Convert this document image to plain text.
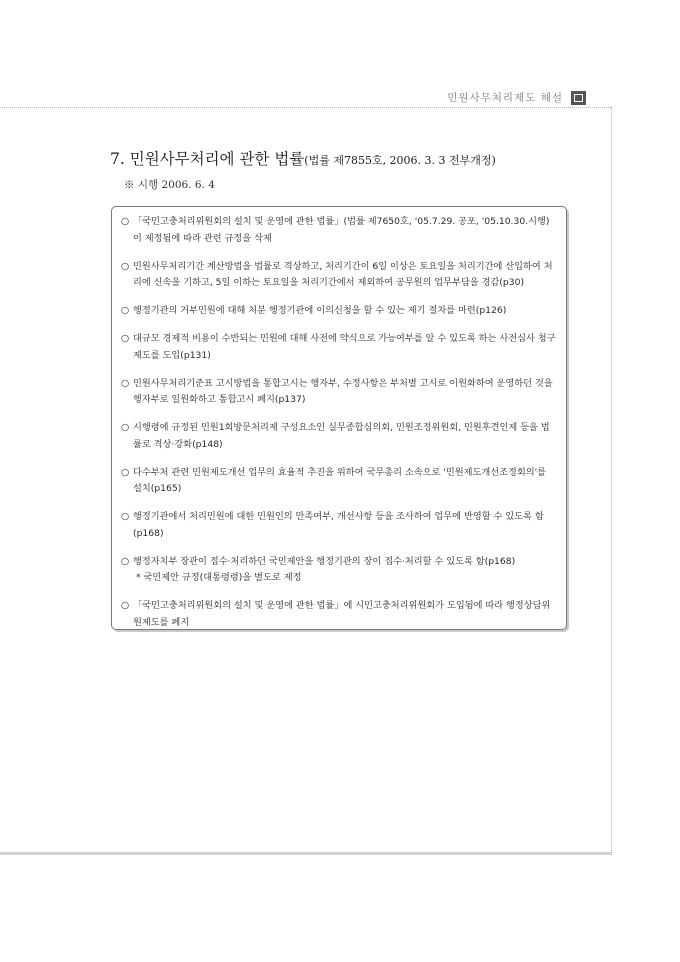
민원사무처리제도 해설
7. 민원사무처리에 관한 법률(법률 제7855호, 2006. 3. 3 전부개정)
※ 시행 2006. 6. 4
○ 「국민고충처리위원회의 설치 및 운영에 관한 법률」(법률 제7650호, '05.7.29. 공포, '05.10.30.시행)이 제정됨에 따라 관련 규정을 삭제
○ 민원사무처리기간 계산방법을 법률로 격상하고, 처리기간이 6일 이상은 토요일을 처리기간에 산입하여 처리에 신속을 기하고, 5일 이하는 토요일을 처리기간에서 제외하여 공무원의 업무부담을 경감(p30)
○ 행정기관의 거부민원에 대해 처분 행정기관에 이의신청을 할 수 있는 제기 절차를 마련(p126)
○ 대규모 경제적 비용이 수반되는 민원에 대해 사전에 약식으로 가능여부를 알 수 있도록 하는 사전심사 청구제도를 도입(p131)
○ 민원사무처리기준표 고시방법을 통합고시는 행자부, 수정사항은 부처별 고시로 이원화하여 운영하던 것을 행자부로 일원화하고 통합고시 폐지(p137)
○ 시행령에 규정된 민원1회방문처리제 구성요소인 실무종합심의회, 민원조정위원회, 민원후견인제 등을 법률로 격상·강화(p148)
○ 다수부처 관련 민원제도개선 업무의 효율적 추진을 위하여 국무총리 소속으로 '민원제도개선조정회의'를 설치(p165)
○ 행정기관에서 처리민원에 대한 민원인의 만족여부, 개선사항 등을 조사하여 업무에 반영할 수 있도록 함(p168)
○ 행정자치부 장관이 접수·처리하던 국민제안을 행정기관의 장이 접수·처리할 수 있도록 함(p168)
* 국민제안 규정(대통령령)을 별도로 제정
○ 「국민고충처리위원회의 설치 및 운영에 관한 법률」에 시민고충처리위원회가 도입됨에 따라 행정상담위원제도를 폐지
